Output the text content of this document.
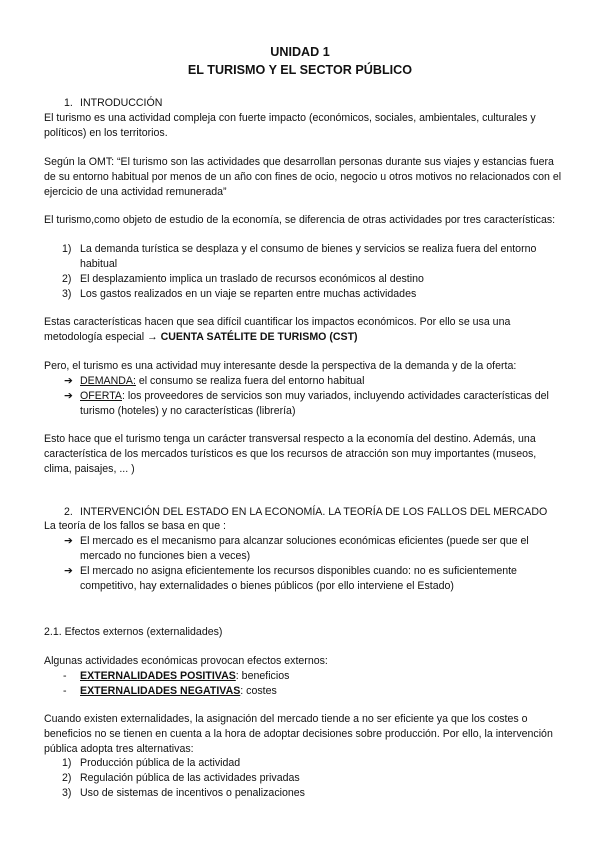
UNIDAD 1
EL TURISMO Y EL SECTOR PÚBLICO
1. INTRODUCCIÓN
El turismo es una actividad compleja con fuerte impacto (económicos, sociales, ambientales, culturales y políticos) en los territorios.
Según la OMT: “El turismo son las actividades que desarrollan personas durante sus viajes y estancias fuera de su entorno habitual por menos de un año con fines de ocio, negocio u otros motivos no relacionados con el ejercicio de una actividad remunerada”
El turismo,como objeto de estudio de la economía, se diferencia de otras actividades por tres características:
1) La demanda turística se desplaza y el consumo de bienes y servicios se realiza fuera del entorno habitual
2) El desplazamiento implica un traslado de recursos económicos al destino
3) Los gastos realizados en un viaje se reparten entre muchas actividades
Estas características hacen que sea difícil cuantificar los impactos económicos. Por ello se usa una metodología especial → CUENTA SATÉLITE DE TURISMO (CST)
Pero, el turismo es una actividad muy interesante desde la perspectiva de la demanda y de la oferta:
➔ DEMANDA: el consumo se realiza fuera del entorno habitual
➔ OFERTA: los proveedores de servicios son muy variados, incluyendo actividades características del turismo (hoteles) y no características (librería)
Esto hace que el turismo tenga un carácter transversal respecto a la economía del destino. Además, una característica de los mercados turísticos es que los recursos de atracción son muy importantes (museos, clima, paisajes, ... )
2. INTERVENCIÓN DEL ESTADO EN LA ECONOMÍA. LA TEORÍA DE LOS FALLOS DEL MERCADO
La teoría de los fallos se basa en que :
➔ El mercado es el mecanismo para alcanzar soluciones económicas eficientes (puede ser que el mercado no funciones bien a veces)
➔ El mercado no asigna eficientemente los recursos disponibles cuando: no es suficientemente competitivo, hay externalidades o bienes públicos (por ello interviene el Estado)
2.1. Efectos externos (externalidades)
Algunas actividades económicas provocan efectos externos:
- EXTERNALIDADES POSITIVAS: beneficios
- EXTERNALIDADES NEGATIVAS: costes
Cuando existen externalidades, la asignación del mercado tiende a no ser eficiente ya que los costes o beneficios no se tienen en cuenta a la hora de adoptar decisiones sobre producción. Por ello, la intervención pública adopta tres alternativas:
1) Producción pública de la actividad
2) Regulación pública de las actividades privadas
3) Uso de sistemas de incentivos o penalizaciones
